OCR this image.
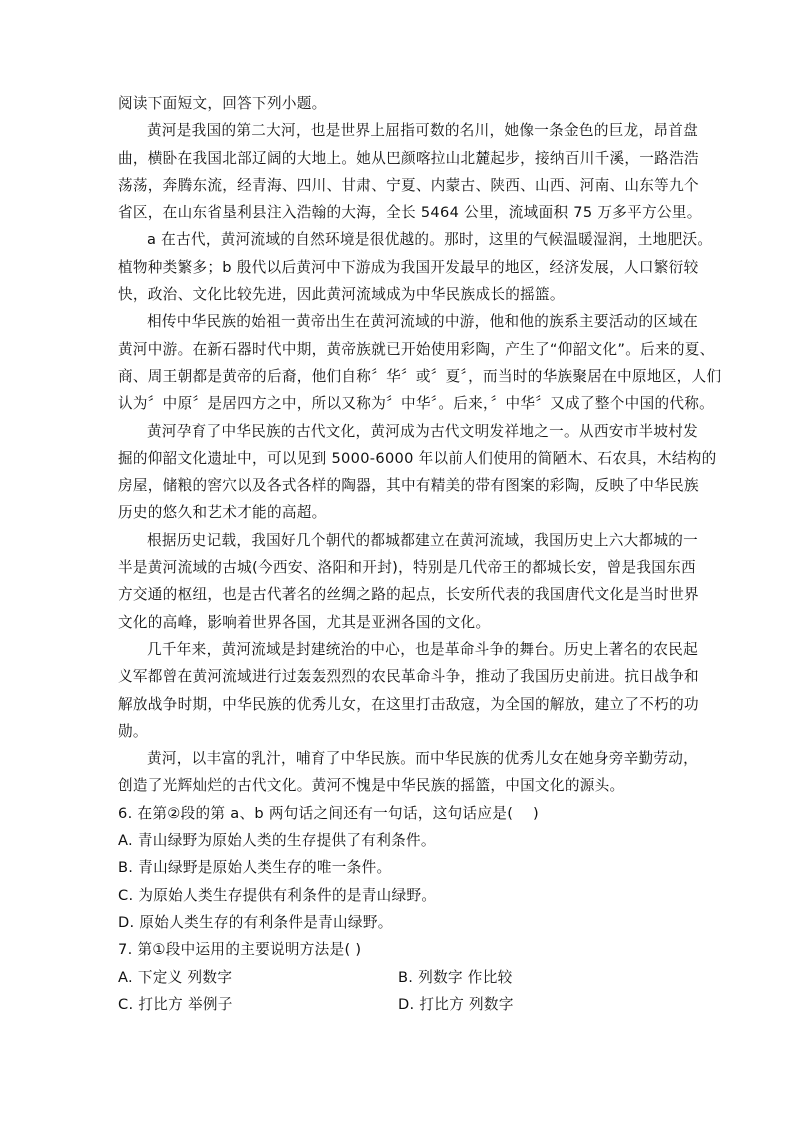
阅读下面短文，回答下列小题。
黄河是我国的第二大河，也是世界上屈指可数的名川，她像一条金色的巨龙，昂首盘
曲，横卧在我国北部辽阔的大地上。她从巴颜喀拉山北麓起步，接纳百川千溪，一路浩浩
荡荡，奔腾东流，经青海、四川、甘肃、宁夏、内蒙古、陕西、山西、河南、山东等九个
省区，在山东省垦利县注入浩翰的大海，全长 5464 公里，流域面积 75 万多平方公里。
a 在古代，黄河流域的自然环境是很优越的。那时，这里的气候温暖湿润，土地肥沃。
植物种类繁多；b 殷代以后黄河中下游成为我国开发最早的地区，经济发展，人口繁衍较
快，政治、文化比较先进，因此黄河流域成为中华民族成长的摇篮。
相传中华民族的始祖一黄帝出生在黄河流域的中游，他和他的族系主要活动的区域在
黄河中游。在新石器时代中期，黄帝族就已开始使用彩陶，产生了“仰韶文化”。后来的夏、
商、周王朝都是黄帝的后裔，他们自称〞华〞或〞夏〞，而当时的华族聚居在中原地区，人们
认为〞中原〞是居四方之中，所以又称为〞中华〞。后来，〞中华〞又成了整个中国的代称。
黄河孕育了中华民族的古代文化，黄河成为古代文明发祥地之一。从西安市半坡村发
掘的仰韶文化遗址中，可以见到 5000-6000 年以前人们使用的简陋木、石农具，木结构的
房屋，储粮的窖穴以及各式各样的陶器，其中有精美的带有图案的彩陶，反映了中华民族
历史的悠久和艺术才能的高超。
根据历史记载，我国好几个朝代的都城都建立在黄河流域，我国历史上六大都城的一
半是黄河流域的古城(今西安、洛阳和开封)，特别是几代帝王的都城长安，曾是我国东西
方交通的枢纽，也是古代著名的丝绸之路的起点，长安所代表的我国唐代文化是当时世界
文化的高峰，影响着世界各国，尤其是亚洲各国的文化。
几千年来，黄河流域是封建统治的中心，也是革命斗争的舞台。历史上著名的农民起
义军都曾在黄河流域进行过轰轰烈烈的农民革命斗争，推动了我国历史前进。抗日战争和
解放战争时期，中华民族的优秀儿女，在这里打击敌寇，为全国的解放，建立了不朽的功
勋。
黄河，以丰富的乳汁，哺育了中华民族。而中华民族的优秀儿女在她身旁辛勤劳动，
创造了光辉灿烂的古代文化。黄河不愧是中华民族的摇篮，中国文化的源头。
6. 在第②段的第 a、b 两句话之间还有一句话，这句话应是(　 )
A. 青山绿野为原始人类的生存提供了有利条件。
B. 青山绿野是原始人类生存的唯一条件。
C. 为原始人类生存提供有利条件的是青山绿野。
D. 原始人类生存的有利条件是青山绿野。
7. 第①段中运用的主要说明方法是( )
A. 下定义 列数字	B. 列数字 作比较
C. 打比方 举例子	D. 打比方 列数字
